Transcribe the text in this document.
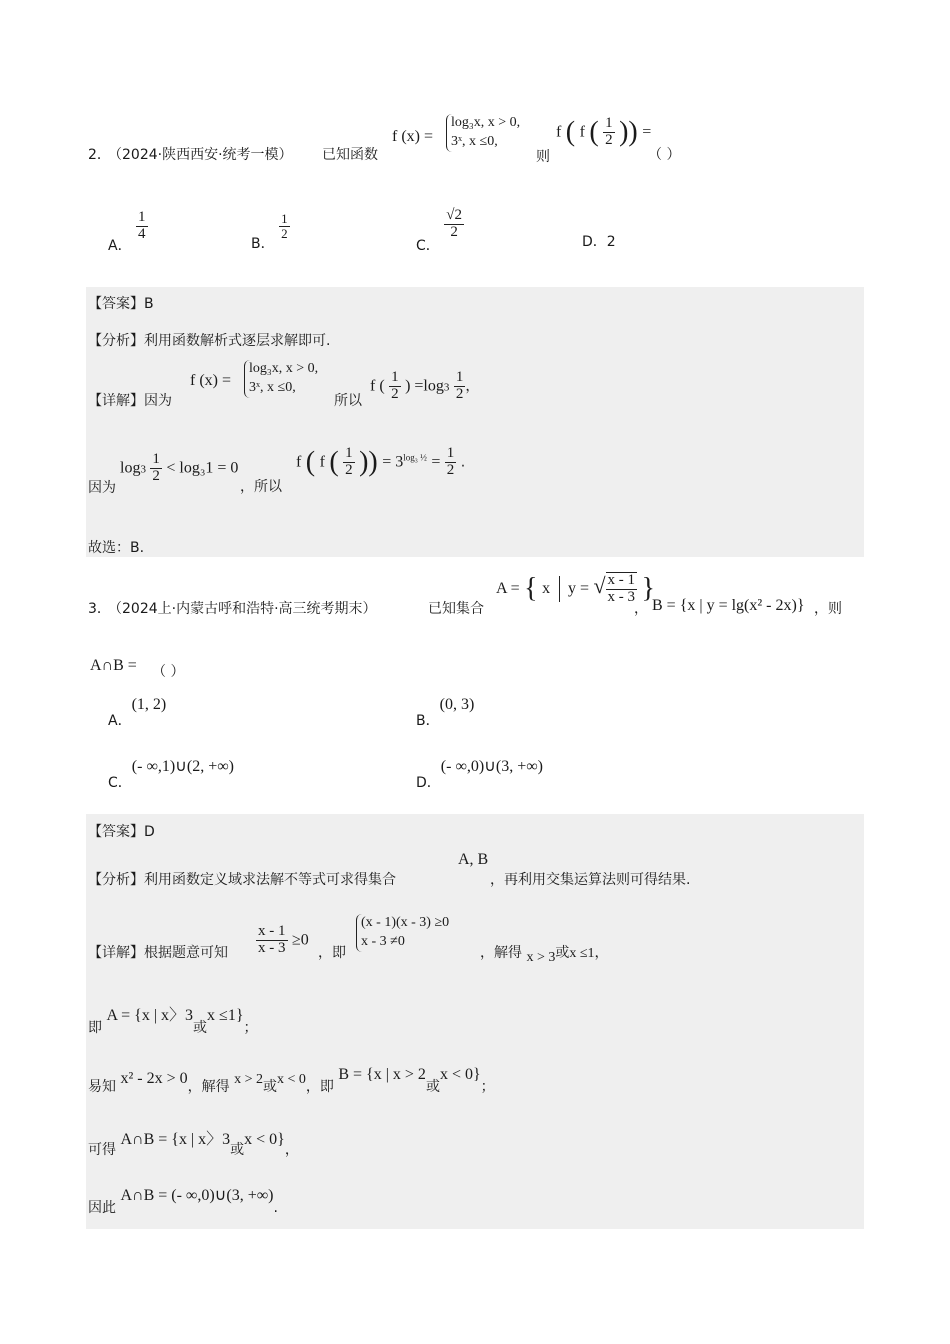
2．
（2024·陕西西安·统考一模） 已知函数
f (x) =
log₃x, x > 0,
3ˣ, x ≤0,
则
f ( f ( $\frac{1}{2}$ )) =
（ ）
A．
$\frac{1}{4}$
B．
$\frac{1}{2}$
C．
$\frac{√2}{2}$
D．2
【答案】B
【分析】利用函数解析式逐层求解即可.
【详解】因为
f (x) =
log₃x, x > 0,
3ˣ, x ≤0,
所以
f ( $\frac{1}{2}$ ) $=\log 3 \frac{1}{2}$ ，
因为
$\log 3 \frac{1}{2} < \log_31 = 0$
，所以
f ( f ( $\frac{1}{2}$ )) = $3^{log_3 \frac{1}{2}} = \frac{1}{2}$ .
故选：B.
3．
（2024上·内蒙古呼和浩特·高三统考期末）	已知集合
A = { x y = √ $\frac{x - 1}{x - 3}$ }
， B = {x | y = lg(x² - 2x)} ，则
A∩B = （ ）
A．(1, 2)
B．(0, 3)
C．(- ∞,1)∪(2, +∞)
D．(- ∞,0)∪(3, +∞)
【答案】D
【分析】利用函数定义域求法解不等式可求得集合
A, B
，再利用交集运算法则可得结果.
【详解】根据题意可知 $\frac{x - 1}{x - 3} \ge 0$
，即
(x - 1)(x - 3) ≥0
x - 3 ≠0
，解得 x > 3或x ≤1，
即 A = {x | x〉3或x ≤1}；
易知 x² - 2x > 0，解得 x > 2或x < 0，即 B = {x | x > 2或x < 0}；
可得 A∩B = {x | x〉3或x < 0}，
因此 A∩B = (- ∞,0)∪(3, +∞).
